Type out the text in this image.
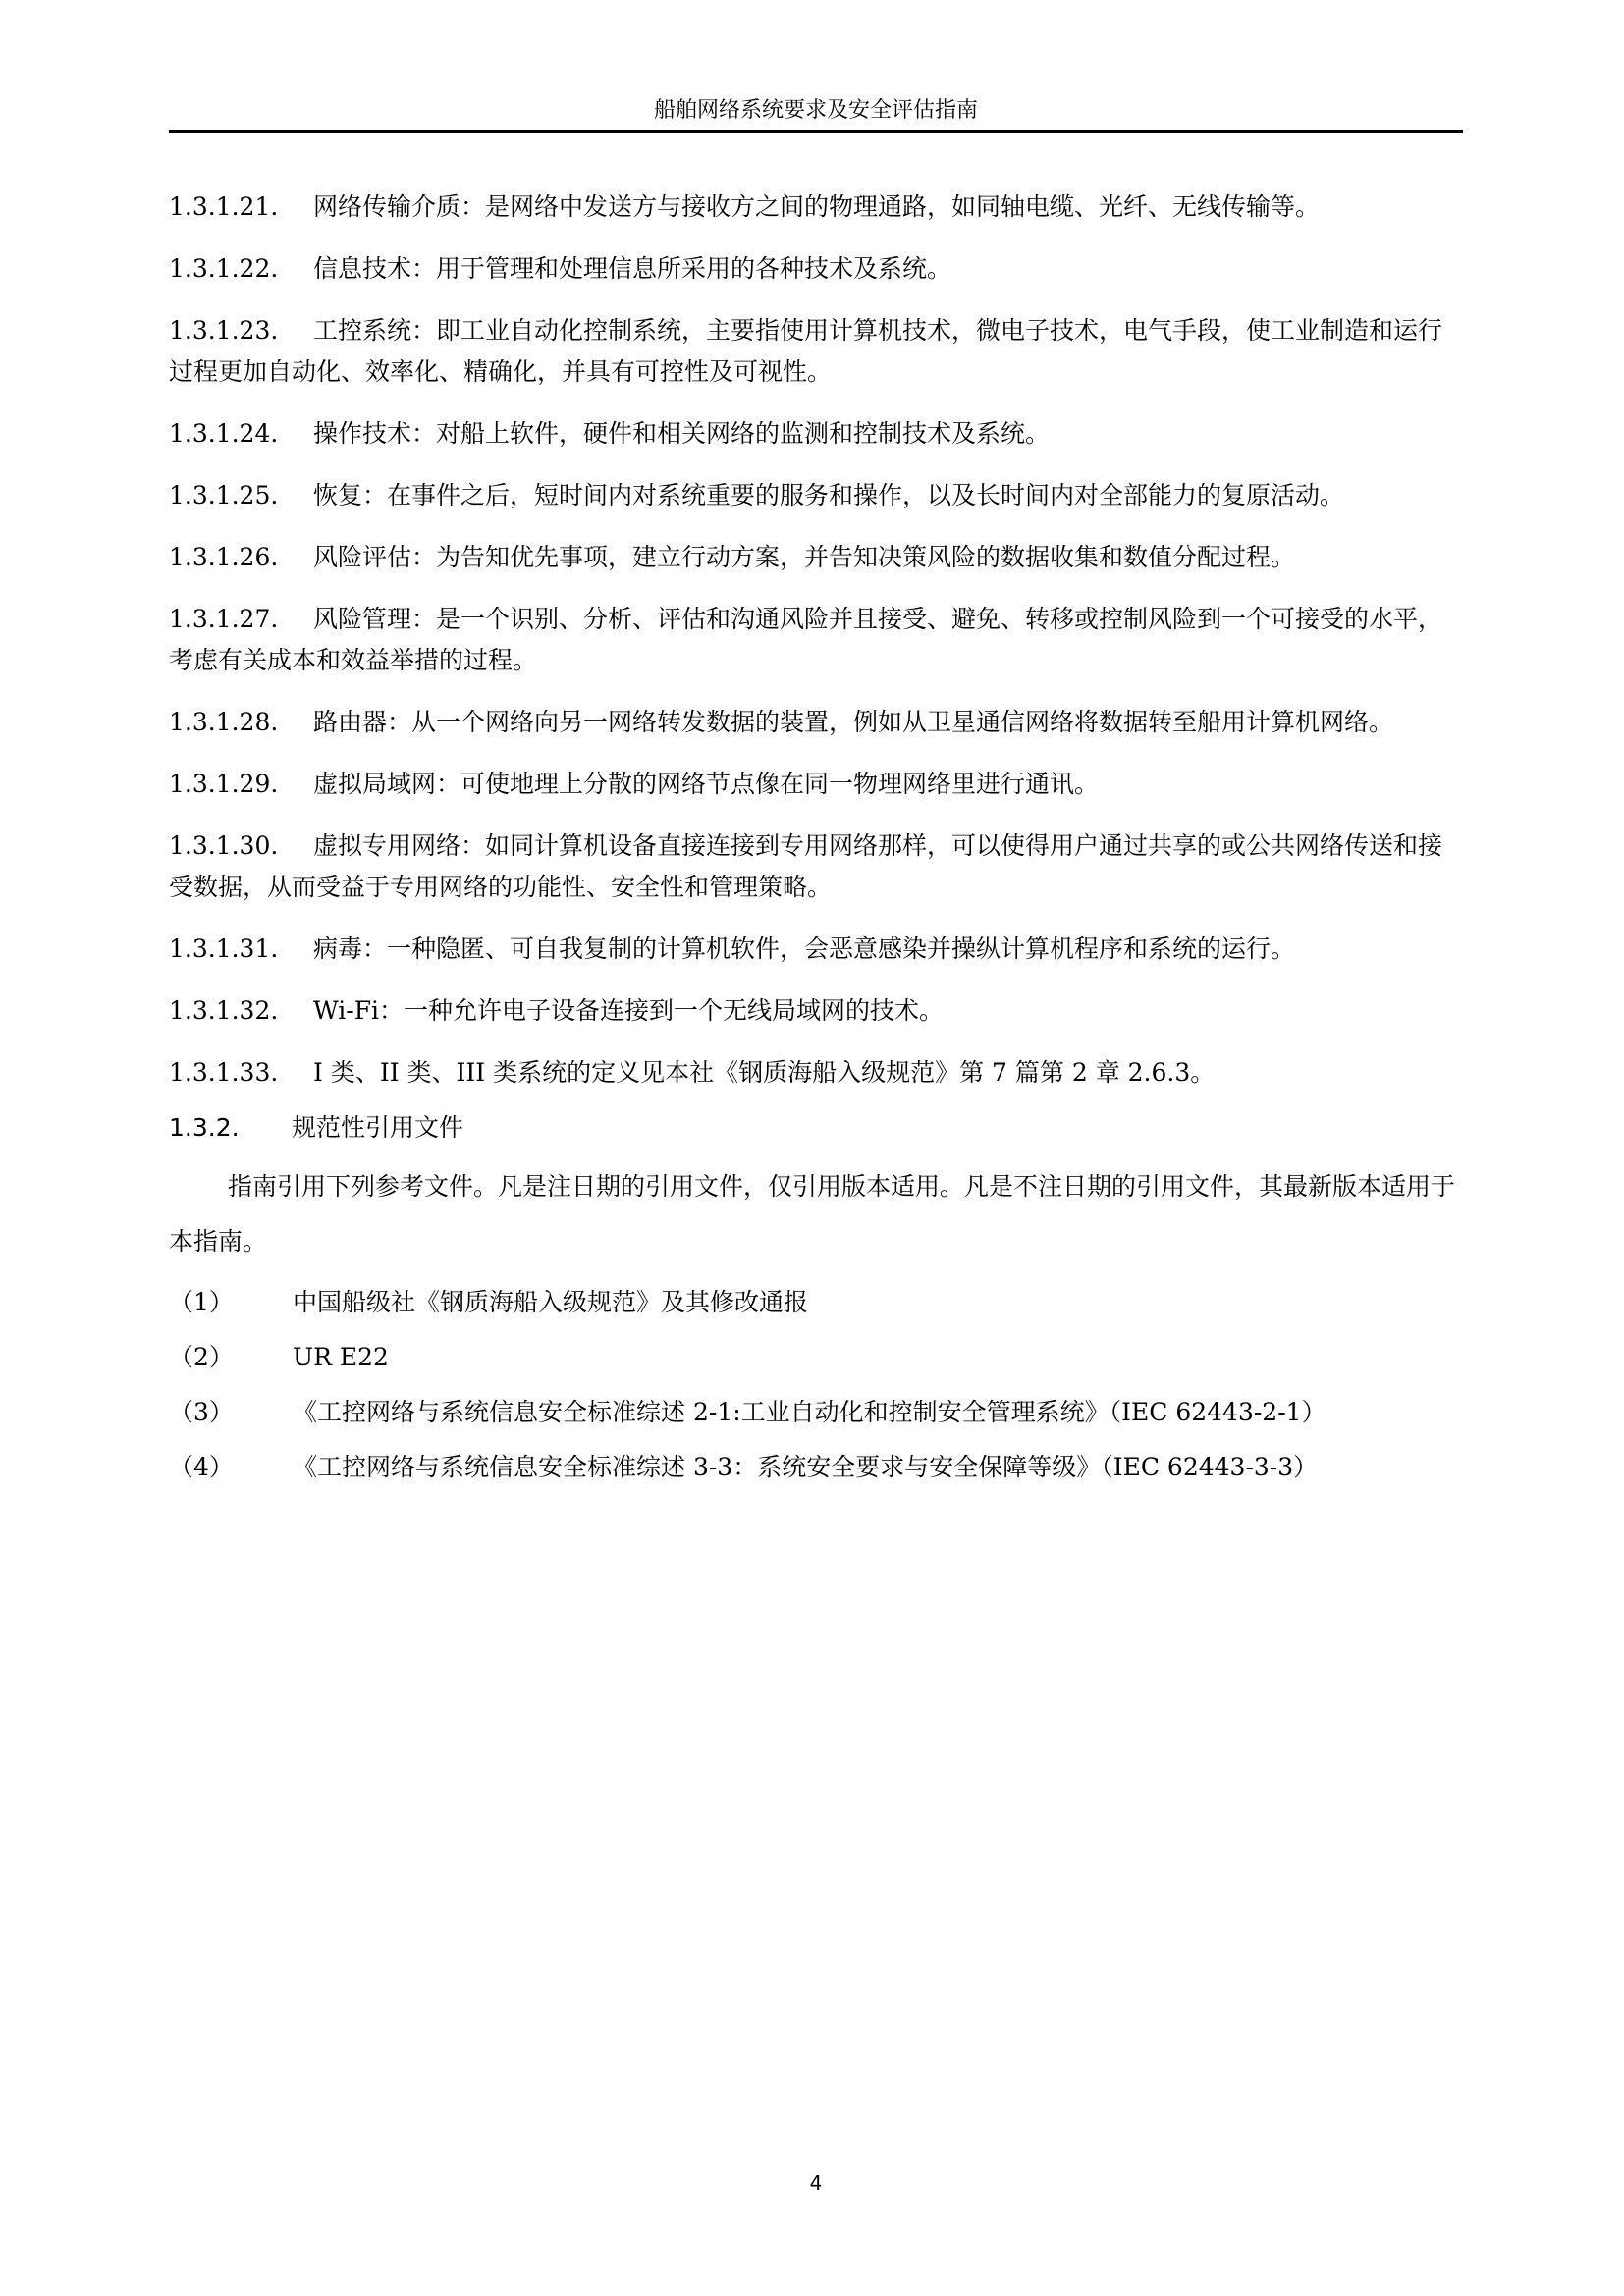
船舶网络系统要求及安全评估指南

1.3.1.21. 网络传输介质：是网络中发送方与接收方之间的物理通路，如同轴电缆、光纤、无线传输等。

1.3.1.22. 信息技术：用于管理和处理信息所采用的各种技术及系统。

1.3.1.23. 工控系统：即工业自动化控制系统，主要指使用计算机技术，微电子技术，电气手段，使工业制造和运行过程更加自动化、效率化、精确化，并具有可控性及可视性。

1.3.1.24. 操作技术：对船上软件，硬件和相关网络的监测和控制技术及系统。

1.3.1.25. 恢复：在事件之后，短时间内对系统重要的服务和操作，以及长时间内对全部能力的复原活动。

1.3.1.26. 风险评估：为告知优先事项，建立行动方案，并告知决策风险的数据收集和数值分配过程。

1.3.1.27. 风险管理：是一个识别、分析、评估和沟通风险并且接受、避免、转移或控制风险到一个可接受的水平，考虑有关成本和效益举措的过程。

1.3.1.28. 路由器：从一个网络向另一网络转发数据的装置，例如从卫星通信网络将数据转至船用计算机网络。

1.3.1.29. 虚拟局域网：可使地理上分散的网络节点像在同一物理网络里进行通讯。

1.3.1.30. 虚拟专用网络：如同计算机设备直接连接到专用网络那样，可以使得用户通过共享的或公共网络传送和接受数据，从而受益于专用网络的功能性、安全性和管理策略。

1.3.1.31. 病毒：一种隐匿、可自我复制的计算机软件，会恶意感染并操纵计算机程序和系统的运行。

1.3.1.32. Wi-Fi：一种允许电子设备连接到一个无线局域网的技术。

1.3.1.33. I 类、II 类、III 类系统的定义见本社《钢质海船入级规范》第 7 篇第 2 章 2.6.3。

1.3.2. 规范性引用文件

指南引用下列参考文件。凡是注日期的引用文件，仅引用版本适用。凡是不注日期的引用文件，其最新版本适用于本指南。

（1） 中国船级社《钢质海船入级规范》及其修改通报
（2） UR E22
（3） 《工控网络与系统信息安全标准综述 2-1:工业自动化和控制安全管理系统》（IEC 62443-2-1）
（4） 《工控网络与系统信息安全标准综述 3-3：系统安全要求与安全保障等级》（IEC 62443-3-3）
4
